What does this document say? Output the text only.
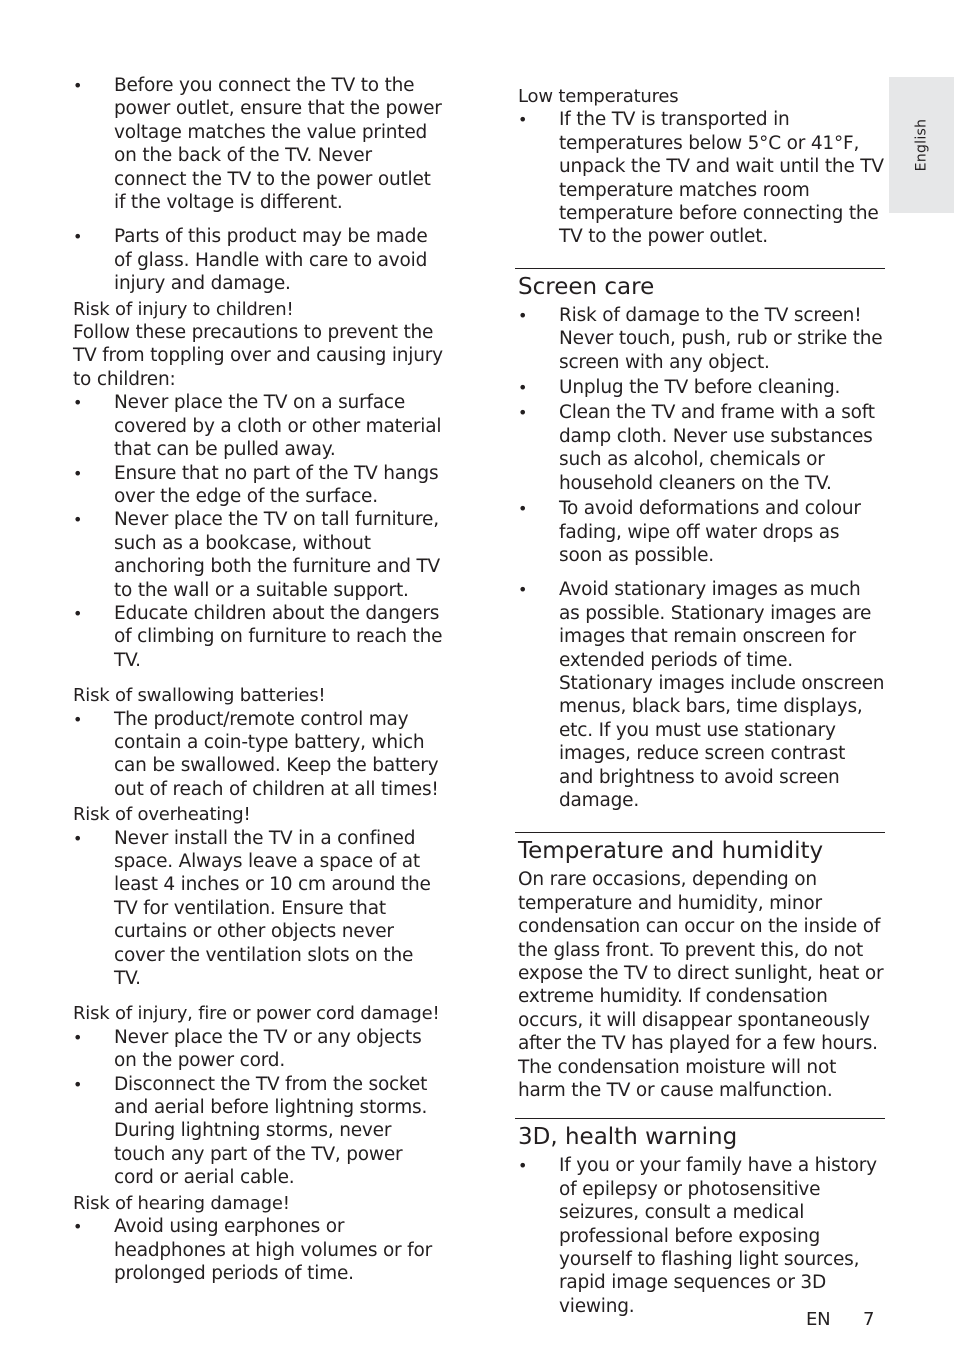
English
• Before you connect the TV to the power outlet, ensure that the power voltage matches the value printed on the back of the TV. Never connect the TV to the power outlet if the voltage is different.
• Parts of this product may be made of glass. Handle with care to avoid injury and damage.
Risk of injury to children!

Follow these precautions to prevent the TV from toppling over and causing injury to children:

• Never place the TV on a surface covered by a cloth or other material that can be pulled away.
• Ensure that no part of the TV hangs over the edge of the surface.
• Never place the TV on tall furniture, such as a bookcase, without anchoring both the furniture and TV to the wall or a suitable support.
• Educate children about the dangers of climbing on furniture to reach the TV.
Risk of swallowing batteries!
• The product/remote control may contain a coin-type battery, which can be swallowed. Keep the battery out of reach of children at all times!
Risk of overheating!
• Never install the TV in a confined space. Always leave a space of at least 4 inches or 10 cm around the TV for ventilation. Ensure that curtains or other objects never cover the ventilation slots on the TV.
Risk of injury, fire or power cord damage!
• Never place the TV or any objects on the power cord.
• Disconnect the TV from the socket and aerial before lightning storms. During lightning storms, never touch any part of the TV, power cord or aerial cable.
Risk of hearing damage!
• Avoid using earphones or headphones at high volumes or for prolonged periods of time.
Low temperatures
• If the TV is transported in temperatures below 5°C or 41°F, unpack the TV and wait until the TV temperature matches room temperature before connecting the TV to the power outlet.
Screen care
• Risk of damage to the TV screen! Never touch, push, rub or strike the screen with any object.
• Unplug the TV before cleaning.
• Clean the TV and frame with a soft damp cloth. Never use substances such as alcohol, chemicals or household cleaners on the TV.
• To avoid deformations and colour fading, wipe off water drops as soon as possible.
• Avoid stationary images as much as possible. Stationary images are images that remain onscreen for extended periods of time. Stationary images include onscreen menus, black bars, time displays, etc. If you must use stationary images, reduce screen contrast and brightness to avoid screen damage.
Temperature and humidity

On rare occasions, depending on temperature and humidity, minor condensation can occur on the inside of the glass front. To prevent this, do not expose the TV to direct sunlight, heat or extreme humidity. If condensation occurs, it will disappear spontaneously after the TV has played for a few hours. The condensation moisture will not harm the TV or cause malfunction.

3D, health warning
• If you or your family have a history of epilepsy or photosensitive seizures, consult a medical professional before exposing yourself to flashing light sources, rapid image sequences or 3D viewing.
EN 7
